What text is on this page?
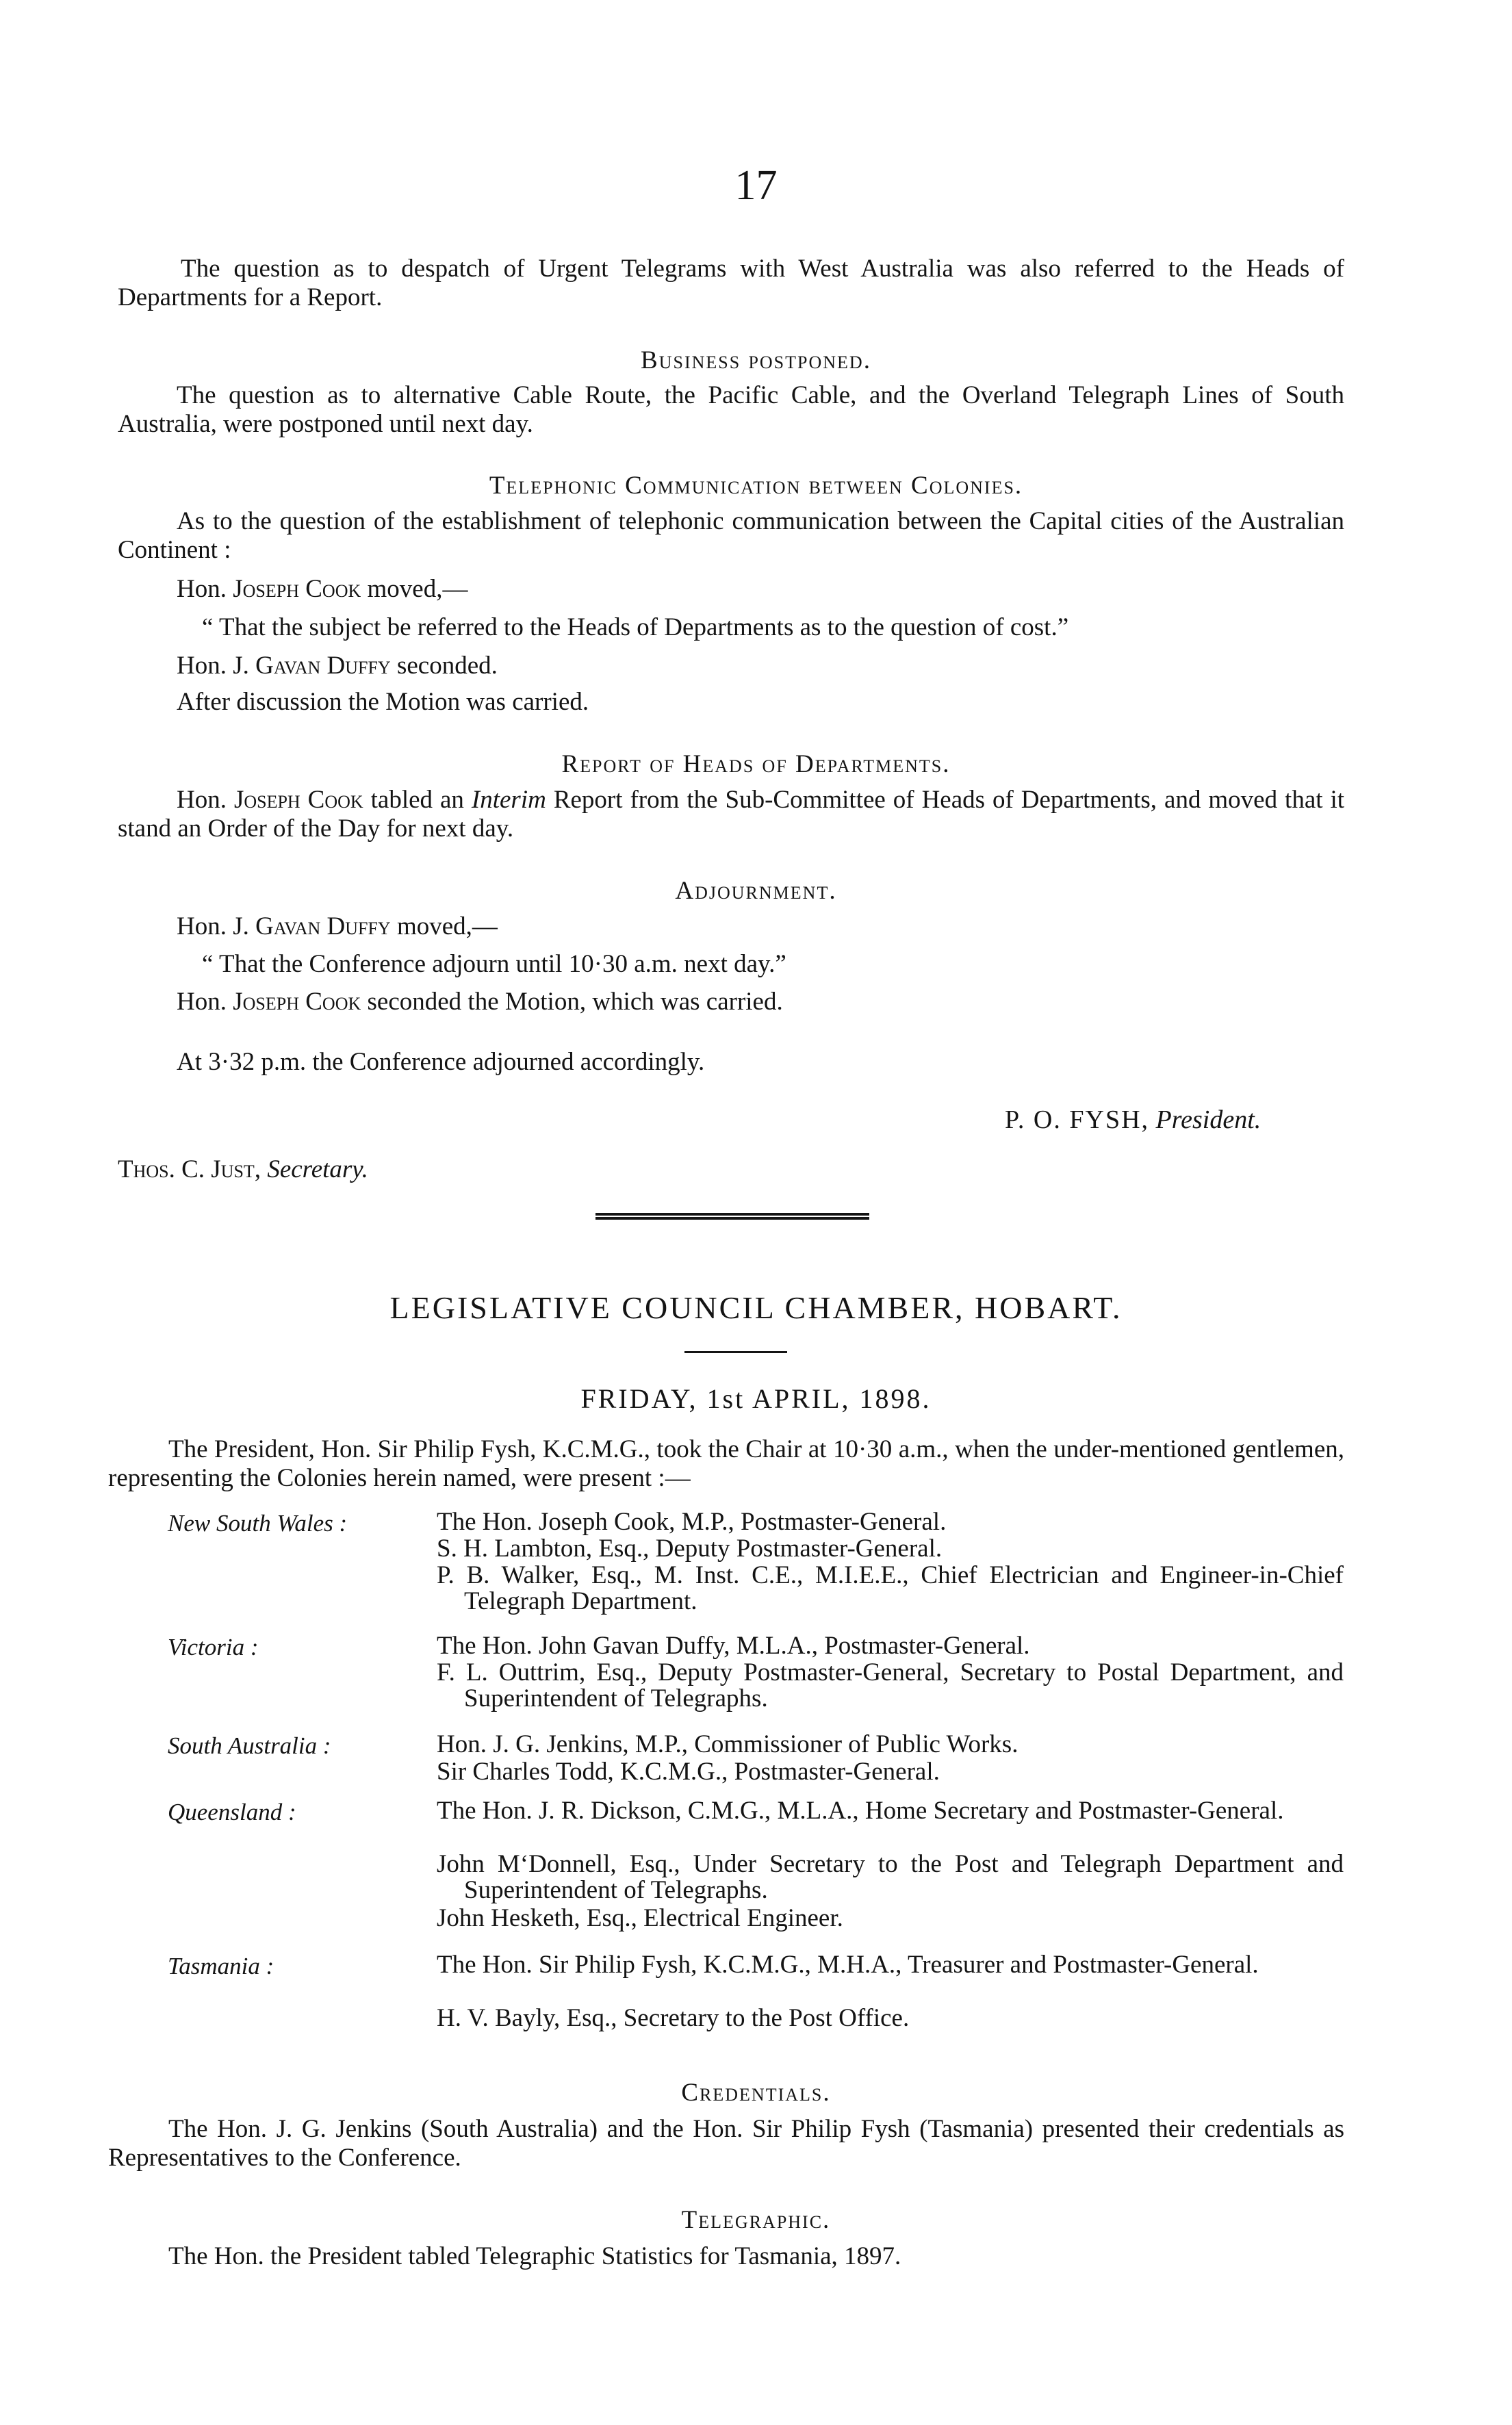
17
The question as to despatch of Urgent Telegrams with West Australia was also referred to the Heads of Departments for a Report.
Business postponed.
The question as to alternative Cable Route, the Pacific Cable, and the Overland Telegraph Lines of South Australia, were postponed until next day.
Telephonic Communication between Colonies.
As to the question of the establishment of telephonic communication between the Capital cities of the Australian Continent :
Hon. Joseph Cook moved,—
“ That the subject be referred to the Heads of Departments as to the question of cost.”
Hon. J. Gavan Duffy seconded.
After discussion the Motion was carried.
Report of Heads of Departments.
Hon. Joseph Cook tabled an Interim Report from the Sub-Committee of Heads of Departments, and moved that it stand an Order of the Day for next day.
Adjournment.
Hon. J. Gavan Duffy moved,—
“ That the Conference adjourn until 10·30 a.m. next day.”
Hon. Joseph Cook seconded the Motion, which was carried.
At 3·32 p.m. the Conference adjourned accordingly.
P. O. FYSH, President.
Thos. C. Just, Secretary.
LEGISLATIVE COUNCIL CHAMBER, HOBART.
FRIDAY, 1st APRIL, 1898.
The President, Hon. Sir Philip Fysh, K.C.M.G., took the Chair at 10·30 a.m., when the under-mentioned gentlemen, representing the Colonies herein named, were present :—
New South Wales :	The Hon. Joseph Cook, M.P., Postmaster-General.
S. H. Lambton, Esq., Deputy Postmaster-General.
P. B. Walker, Esq., M. Inst. C.E., M.I.E.E., Chief Electrician and Engineer-in-Chief Telegraph Department.
Victoria :	The Hon. John Gavan Duffy, M.L.A., Postmaster-General.
F. L. Outtrim, Esq., Deputy Postmaster-General, Secretary to Postal Department, and Superintendent of Telegraphs.
South Australia :	Hon. J. G. Jenkins, M.P., Commissioner of Public Works.
Sir Charles Todd, K.C.M.G., Postmaster-General.
Queensland :	The Hon. J. R. Dickson, C.M.G., M.L.A., Home Secretary and Postmaster-General.
John M‘Donnell, Esq., Under Secretary to the Post and Telegraph Department and Superintendent of Telegraphs.
John Hesketh, Esq., Electrical Engineer.
Tasmania :	The Hon. Sir Philip Fysh, K.C.M.G., M.H.A., Treasurer and Postmaster-General.
H. V. Bayly, Esq., Secretary to the Post Office.
Credentials.
The Hon. J. G. Jenkins (South Australia) and the Hon. Sir Philip Fysh (Tasmania) presented their credentials as Representatives to the Conference.
Telegraphic.
The Hon. the President tabled Telegraphic Statistics for Tasmania, 1897.
